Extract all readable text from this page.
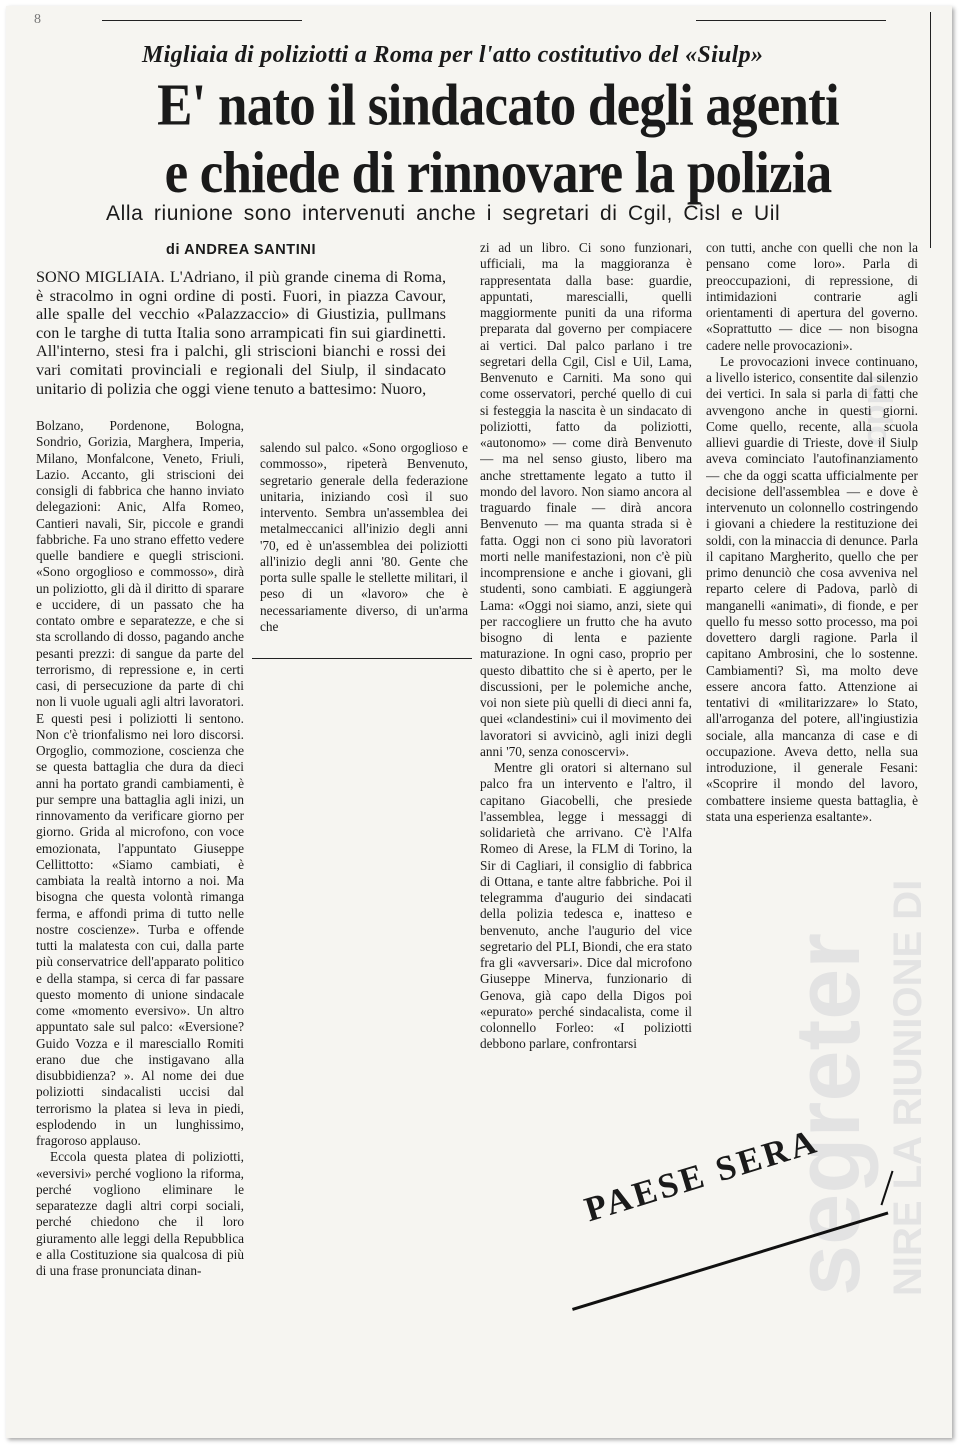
segreter NIRE LA RIUNIONE DI
oppi
8
Migliaia di poliziotti a Roma per l'atto costitutivo del «Siulp»
E' nato il sindacato degli agenti
e chiede di rinnovare la polizia
Alla riunione sono intervenuti anche i segretari di Cgil, Cisl e Uil
di ANDREA SANTINI

SONO MIGLIAIA. L'Adriano, il più grande cinema di Roma, è stracolmo in ogni ordine di posti. Fuori, in piazza Cavour, alle spalle del vecchio «Palazzaccio» di Giustizia, pullmans con le targhe di tutta Italia sono arrampicati fin sui giardinetti. All'interno, stesi fra i palchi, gli striscioni bianchi e rossi dei vari comitati provinciali e regionali del Siulp, il sindacato unitario di polizia che oggi viene tenuto a battesimo: Nuoro,

Bolzano, Pordenone, Bologna, Sondrio, Gorizia, Marghera, Imperia, Milano, Monfalcone, Veneto, Friuli, Lazio. Accanto, gli striscioni dei consigli di fabbrica che hanno inviato delegazioni: Anic, Alfa Romeo, Cantieri navali, Sir, piccole e grandi fabbriche. Fa uno strano effetto vedere quelle bandiere e quegli striscioni. «Sono orgoglioso e commosso», dirà un poliziotto, gli dà il diritto di sparare e uccidere, di un passato che ha contato ombre e separatezze, e che si sta scrollando di dosso, pagando anche pesanti prezzi: di sangue da parte del terrorismo, di repressione e, in certi casi, di persecuzione da parte di chi non li vuole uguali agli altri lavoratori. E questi pesi i poliziotti li sentono. Non c'è trionfalismo nei loro discorsi. Orgoglio, commozione, coscienza che se questa battaglia che dura da dieci anni ha portato grandi cambiamenti, è pur sempre una battaglia agli inizi, un rinnovamento da verificare giorno per giorno. Grida al microfono, con voce emozionata, l'appuntato Giuseppe Cellittotto: «Siamo cambiati, è cambiata la realtà intorno a noi. Ma bisogna che questa volontà rimanga ferma, e affondi prima di tutto nelle nostre coscienze». Turba e offende tutti la malatesta con cui, dalla parte più conservatrice dell'apparato politico e della stampa, si cerca di far passare questo momento di unione sindacale come «momento eversivo». Un altro appuntato sale sul palco: «Eversione? Guido Vozza e il maresciallo Romiti erano due che instigavano alla disubbidienza? ». Al nome dei due poliziotti sindacalisti uccisi dal terrorismo la platea si leva in piedi, esplodendo in un lunghissimo, fragoroso applauso.

Eccola questa platea di poliziotti, «eversivi» perché vogliono la riforma, perché vogliono eliminare le separatezze dagli altri corpi sociali, perché chiedono che il loro giuramento alle leggi della Repubblica e alla Costituzione sia qualcosa di più di una frase pronunciata dinan-

salendo sul palco. «Sono orgoglioso e commosso», ripeterà Benvenuto, segretario generale della federazione unitaria, iniziando così il suo intervento. Sembra un'assemblea dei metalmeccanici all'inizio degli anni '70, ed è un'assemblea dei poliziotti all'inizio degli anni '80. Gente che porta sulle spalle le stellette militari, il peso di un «lavoro» che è necessariamente diverso, di un'arma che

zi ad un libro. Ci sono funzionari, ufficiali, ma la maggioranza è rappresentata dalla base: guardie, appuntati, marescialli, quelli maggiormente puniti da una riforma preparata dal governo per compiacere ai vertici. Dal palco parlano i tre segretari della Cgil, Cisl e Uil, Lama, Benvenuto e Carniti. Ma sono qui come osservatori, perché quello di cui si festeggia la nascita è un sindacato di poliziotti, fatto da poliziotti, «autonomo» — come dirà Benvenuto — ma nel senso giusto, libero ma anche strettamente legato a tutto il mondo del lavoro. Non siamo ancora al traguardo finale — dirà ancora Benvenuto — ma quanta strada si è fatta. Oggi non ci sono più lavoratori morti nelle manifestazioni, non c'è più incomprensione e anche i giovani, gli studenti, sono cambiati. E aggiungerà Lama: «Oggi noi siamo, anzi, siete qui per raccogliere un frutto che ha avuto bisogno di lenta e paziente maturazione. In ogni caso, proprio per questo dibattito che si è aperto, per le discussioni, per le polemiche anche, voi non siete più quelli di dieci anni fa, quei «clandestini» cui il movimento dei lavoratori si avvicinò, agli inizi degli anni '70, senza conoscervi».

Mentre gli oratori si alternano sul palco fra un intervento e l'altro, il capitano Giacobelli, che presiede l'assemblea, legge i messaggi di solidarietà che arrivano. C'è l'Alfa Romeo di Arese, la FLM di Torino, la Sir di Cagliari, il consiglio di fabbrica di Ottana, e tante altre fabbriche. Poi il telegramma d'augurio dei sindacati della polizia tedesca e, inatteso e benvenuto, anche l'augurio del vice segretario del PLI, Biondi, che era stato fra gli «avversari». Dice dal microfono Giuseppe Minerva, funzionario di Genova, già capo della Digos poi «epurato» perché sindacalista, come il colonnello Forleo: «I poliziotti debbono parlare, confrontarsi

con tutti, anche con quelli che non la pensano come loro». Parla di preoccupazioni, di repressione, di intimidazioni contrarie agli orientamenti di apertura del governo. «Soprattutto — dice — non bisogna cadere nelle provocazioni».

Le provocazioni invece continuano, a livello isterico, consentite dal silenzio dei vertici. In sala si parla di fatti che avvengono anche in questi giorni. Come quello, recente, alla scuola allievi guardie di Trieste, dove il Siulp aveva cominciato l'autofinanziamento — che da oggi scatta ufficialmente per decisione dell'assemblea — e dove è intervenuto un colonnello costringendo i giovani a chiedere la restituzione dei soldi, con la minaccia di denunce. Parla il capitano Margherito, quello che per primo denunciò che cosa avveniva nel reparto celere di Padova, parlò di manganelli «animati», di fionde, e per quello fu messo sotto processo, ma poi dovettero dargli ragione. Parla il capitano Ambrosini, che lo sostenne. Cambiamenti? Sì, ma molto deve essere ancora fatto. Attenzione ai tentativi di «militarizzare» lo Stato, all'arroganza del potere, all'ingiustizia sociale, alla mancanza di case e di occupazione. Aveva detto, nella sua introduzione, il generale Fesani: «Scoprire il mondo del lavoro, combattere insieme questa battaglia, è stata una esperienza esaltante».

PAESE SERA
